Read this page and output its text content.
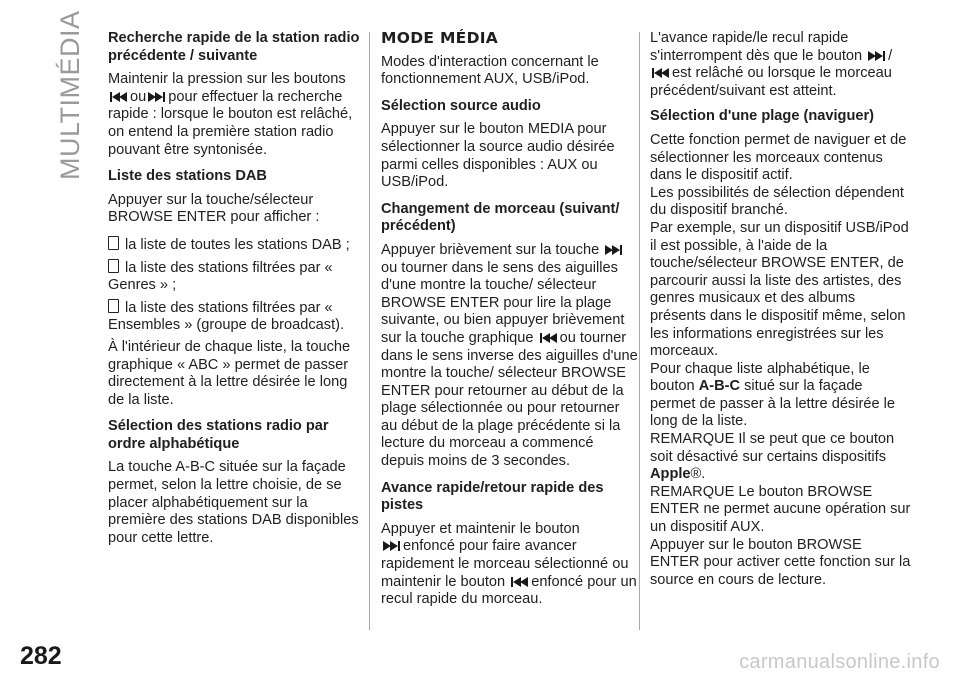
MULTIMÉDIA
282	carmanualsonline.info
Recherche rapide de la station radio précédente / suivante

Maintenir la pression sur les boutons
ou pour effectuer la recherche rapide : lorsque le bouton est relâché, on entend la première station radio pouvant être syntonisée.

Liste des stations DAB

Appuyer sur la touche/sélecteur BROWSE ENTER pour afficher :

la liste de toutes les stations DAB ;
la liste des stations filtrées par « Genres » ;
la liste des stations filtrées par « Ensembles » (groupe de broadcast).

À l'intérieur de chaque liste, la touche graphique « ABC » permet de passer directement à la lettre désirée le long de la liste.

Sélection des stations radio par ordre alphabétique

La touche A-B-C située sur la façade permet, selon la lettre choisie, de se placer alphabétiquement sur la première des stations DAB disponibles pour cette lettre.

MODE MÉDIA

Modes d'interaction concernant le fonctionnement AUX, USB/iPod.

Sélection source audio

Appuyer sur le bouton MEDIA pour sélectionner la source audio désirée parmi celles disponibles : AUX ou USB/iPod.

Changement de morceau (suivant/ précédent)

Appuyer brièvement sur la touche
ou tourner dans le sens des aiguilles d'une montre la touche/ sélecteur BROWSE ENTER pour lire la plage suivante, ou bien appuyer brièvement sur la touche graphique ou tourner dans le sens inverse des aiguilles d'une montre la touche/ sélecteur BROWSE ENTER pour retourner au début de la plage sélectionnée ou pour retourner au début de la plage précédente si la lecture du morceau a commencé depuis moins de 3 secondes.

Avance rapide/retour rapide des pistes

Appuyer et maintenir le bouton
enfoncé pour faire avancer rapidement le morceau sélectionné ou maintenir le bouton enfoncé pour un recul rapide du morceau.

L'avance rapide/le recul rapide s'interrompent dès que le bouton /
est relâché ou lorsque le morceau précédent/suivant est atteint.

Sélection d'une plage (naviguer)

Cette fonction permet de naviguer et de sélectionner les morceaux contenus dans le dispositif actif.

Les possibilités de sélection dépendent du dispositif branché.

Par exemple, sur un dispositif USB/iPod il est possible, à l'aide de la touche/sélecteur BROWSE ENTER, de parcourir aussi la liste des artistes, des genres musicaux et des albums présents dans le dispositif même, selon les informations enregistrées sur les morceaux.

Pour chaque liste alphabétique, le bouton A-B-C situé sur la façade permet de passer à la lettre désirée le long de la liste.

REMARQUE Il se peut que ce bouton soit désactivé sur certains dispositifs Apple®.

REMARQUE Le bouton BROWSE ENTER ne permet aucune opération sur un dispositif AUX.

Appuyer sur le bouton BROWSE ENTER pour activer cette fonction sur la source en cours de lecture.
